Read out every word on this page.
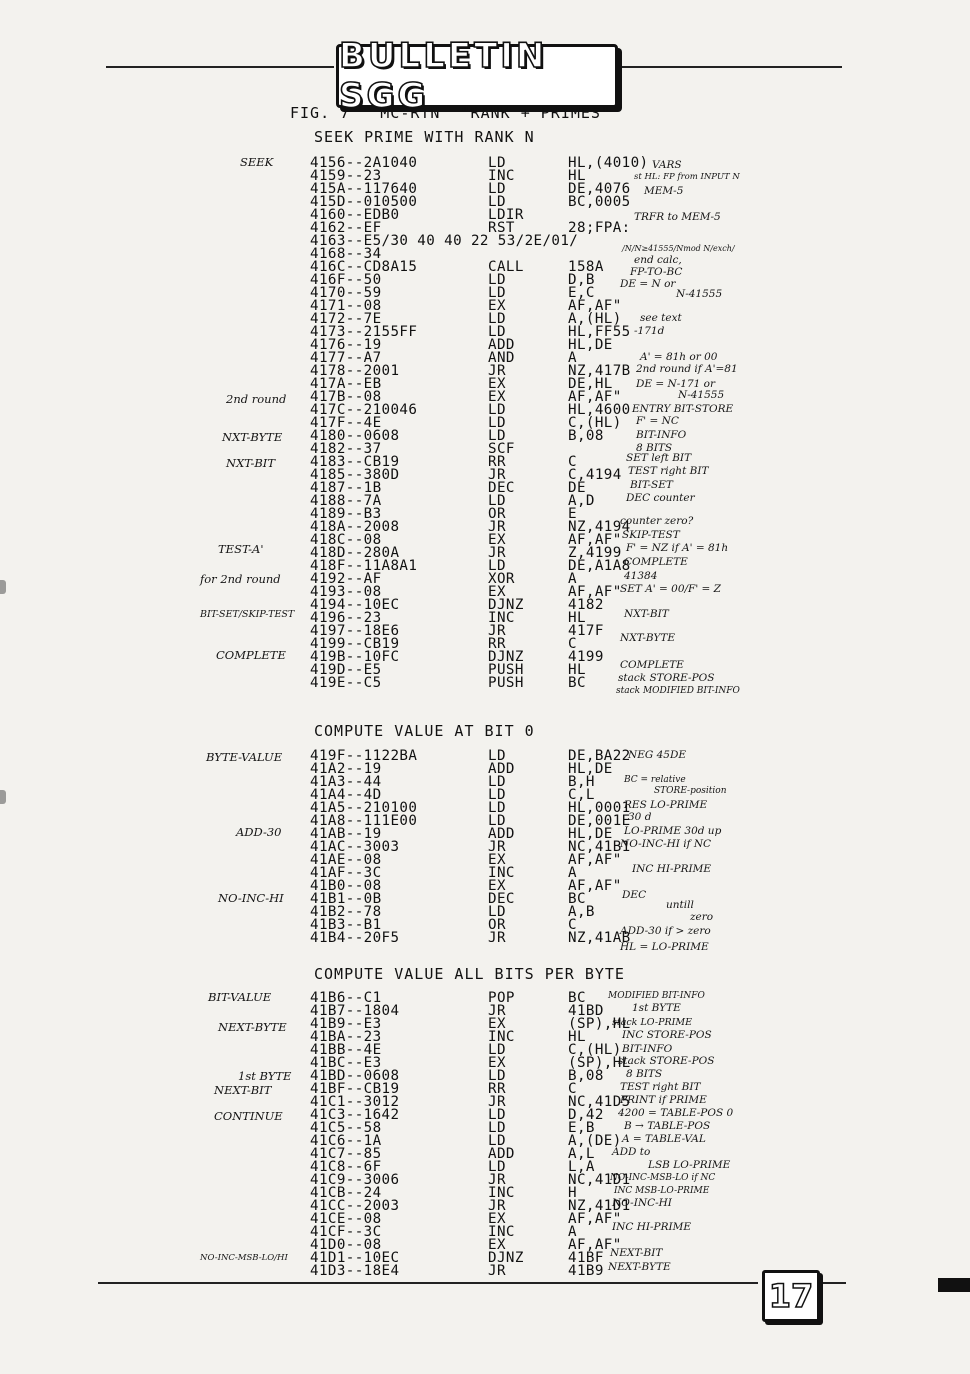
BULLETIN SGG
FIG. 7 MC-RTN  "RANK + PRIMES"
SEEK PRIME WITH RANK N
4156--2A1040	LD	HL,(4010)
4159--23	INC	HL
415A--117640	LD	DE,4076
415D--010500	LD	BC,0005
4160--EDB0	LDIR
4162--EF	RST	28;FPA:
4163--E5/30 40 40 22 53/2E/01/
4168--34
416C--CD8A15	CALL	158A
416F--50	LD	D,B
4170--59	LD	E,C
4171--08	EX	AF,AF"
4172--7E	LD	A,(HL)
4173--2155FF	LD	HL,FF55
4176--19	ADD	HL,DE
4177--A7	AND	A
4178--2001	JR	NZ,417B
417A--EB	EX	DE,HL
417B--08	EX	AF,AF"
417C--210046	LD	HL,4600
417F--4E	LD	C,(HL)
4180--0608	LD	B,08
4182--37	SCF
4183--CB19	RR	C
4185--380D	JR	C,4194
4187--1B	DEC	DE
4188--7A	LD	A,D
4189--B3	OR	E
418A--2008	JR	NZ,4194
418C--08	EX	AF,AF"
418D--280A	JR	Z,4199
418F--11A8A1	LD	DE,A1A8
4192--AF	XOR	A
4193--08	EX	AF,AF"
4194--10EC	DJNZ	4182
4196--23	INC	HL
4197--18E6	JR	417F
4199--CB19	RR	C
419B--10FC	DJNZ	4199
419D--E5	PUSH	HL
419E--C5	PUSH	BC
COMPUTE VALUE AT BIT 0
419F--1122BA	LD	DE,BA22
41A2--19	ADD	HL,DE
41A3--44	LD	B,H
41A4--4D	LD	C,L
41A5--210100	LD	HL,0001
41A8--111E00	LD	DE,001E
41AB--19	ADD	HL,DE
41AC--3003	JR	NC,41B1
41AE--08	EX	AF,AF"
41AF--3C	INC	A
41B0--08	EX	AF,AF"
41B1--0B	DEC	BC
41B2--78	LD	A,B
41B3--B1	OR	C
41B4--20F5	JR	NZ,41AB
COMPUTE VALUE ALL BITS PER BYTE
41B6--C1	POP	BC
41B7--1804	JR	41BD
41B9--E3	EX	(SP),HL
41BA--23	INC	HL
41BB--4E	LD	C,(HL)
41BC--E3	EX	(SP),HL
41BD--0608	LD	B,08
41BF--CB19	RR	C
41C1--3012	JR	NC,41D5
41C3--1642	LD	D,42
41C5--58	LD	E,B
41C6--1A	LD	A,(DE)
41C7--85	ADD	A,L
41C8--6F	LD	L,A
41C9--3006	JR	NC,41D1
41CB--24	INC	H
41CC--2003	JR	NZ,41D1
41CE--08	EX	AF,AF"
41CF--3C	INC	A
41D0--08	EX	AF,AF"
41D1--10EC	DJNZ	41BF
41D3--18E4	JR	41B9
SEEK
2nd round
NXT-BYTE
NXT-BIT
TEST-A'
for 2nd round
BIT-SET/SKIP-TEST
COMPLETE
BYTE-VALUE
ADD-30
NO-INC-HI
BIT-VALUE
NEXT-BYTE
1st BYTE
NEXT-BIT
CONTINUE
NO-INC-MSB-LO/HI
VARS
st HL: FP from INPUT N
MEM-5
TRFR to MEM-5
/N/N≥41555/Nmod N/exch/
end calc,
FP-TO-BC
DE = N or
N-41555
see text
-171d
A' = 81h or 00
2nd round if A'=81
DE = N-171 or
N-41555
ENTRY BIT-STORE
F' = NC
BIT-INFO
8 BITS
SET left BIT
TEST right BIT
BIT-SET
DEC counter
counter zero?
SKIP-TEST
F' = NZ if A' = 81h
COMPLETE
41384
SET A' = 00/F' = Z
NXT-BIT
NXT-BYTE
COMPLETE
stack STORE-POS
stack MODIFIED BIT-INFO
NEG 45DE
BC = relative
STORE-position
RES LO-PRIME
30 d
LO-PRIME 30d up
NO-INC-HI if NC
INC HI-PRIME
DEC
untill
zero
ADD-30 if > zero
HL = LO-PRIME
MODIFIED BIT-INFO
1st BYTE
stack LO-PRIME
INC STORE-POS
BIT-INFO
stack STORE-POS
8 BITS
TEST right BIT
PRINT if PRIME
4200 = TABLE-POS 0
B → TABLE-POS
A = TABLE-VAL
ADD to
LSB LO-PRIME
NO-INC-MSB-LO if NC
INC MSB-LO-PRIME
NO-INC-HI
INC HI-PRIME
NEXT-BIT
NEXT-BYTE
17
